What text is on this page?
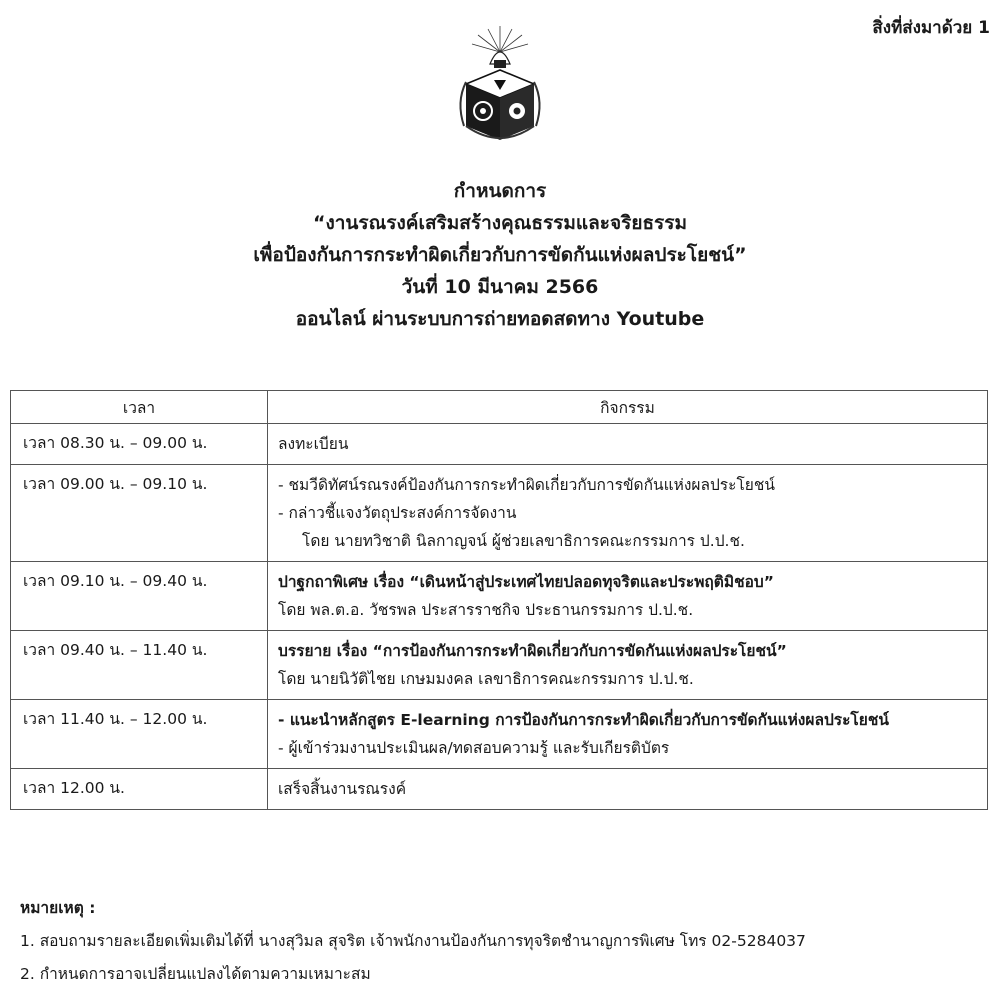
สิ่งที่ส่งมาด้วย 1
กำหนดการ
“งานรณรงค์เสริมสร้างคุณธรรมและจริยธรรม
เพื่อป้องกันการกระทำผิดเกี่ยวกับการขัดกันแห่งผลประโยชน์”
วันที่ 10 มีนาคม 2566
ออนไลน์ ผ่านระบบการถ่ายทอดสดทาง Youtube
เวลา	กิจกรรม
เวลา 08.30 น. – 09.00 น.	ลงทะเบียน

เวลา 09.00 น. – 09.10 น.	- ชมวีดิทัศน์รณรงค์ป้องกันการกระทำผิดเกี่ยวกับการขัดกันแห่งผลประโยชน์
- กล่าวชี้แจงวัตถุประสงค์การจัดงาน
โดย นายทวิชาติ นิลกาญจน์ ผู้ช่วยเลขาธิการคณะกรรมการ ป.ป.ช.

เวลา 09.10 น. – 09.40 น.	ปาฐกถาพิเศษ เรื่อง “เดินหน้าสู่ประเทศไทยปลอดทุจริตและประพฤติมิชอบ”
โดย พล.ต.อ. วัชรพล ประสารราชกิจ ประธานกรรมการ ป.ป.ช.

เวลา 09.40 น. – 11.40 น.	บรรยาย เรื่อง “การป้องกันการกระทำผิดเกี่ยวกับการขัดกันแห่งผลประโยชน์”
โดย นายนิวัติไชย เกษมมงคล เลขาธิการคณะกรรมการ ป.ป.ช.

เวลา 11.40 น. – 12.00 น.	- แนะนำหลักสูตร E-learning การป้องกันการกระทำผิดเกี่ยวกับการขัดกันแห่งผลประโยชน์
- ผู้เข้าร่วมงานประเมินผล/ทดสอบความรู้ และรับเกียรติบัตร

เวลา 12.00 น.	เสร็จสิ้นงานรณรงค์
หมายเหตุ :
1. สอบถามรายละเอียดเพิ่มเติมได้ที่ นางสุวิมล สุจริต เจ้าพนักงานป้องกันการทุจริตชำนาญการพิเศษ โทร 02-5284037
2. กำหนดการอาจเปลี่ยนแปลงได้ตามความเหมาะสม
